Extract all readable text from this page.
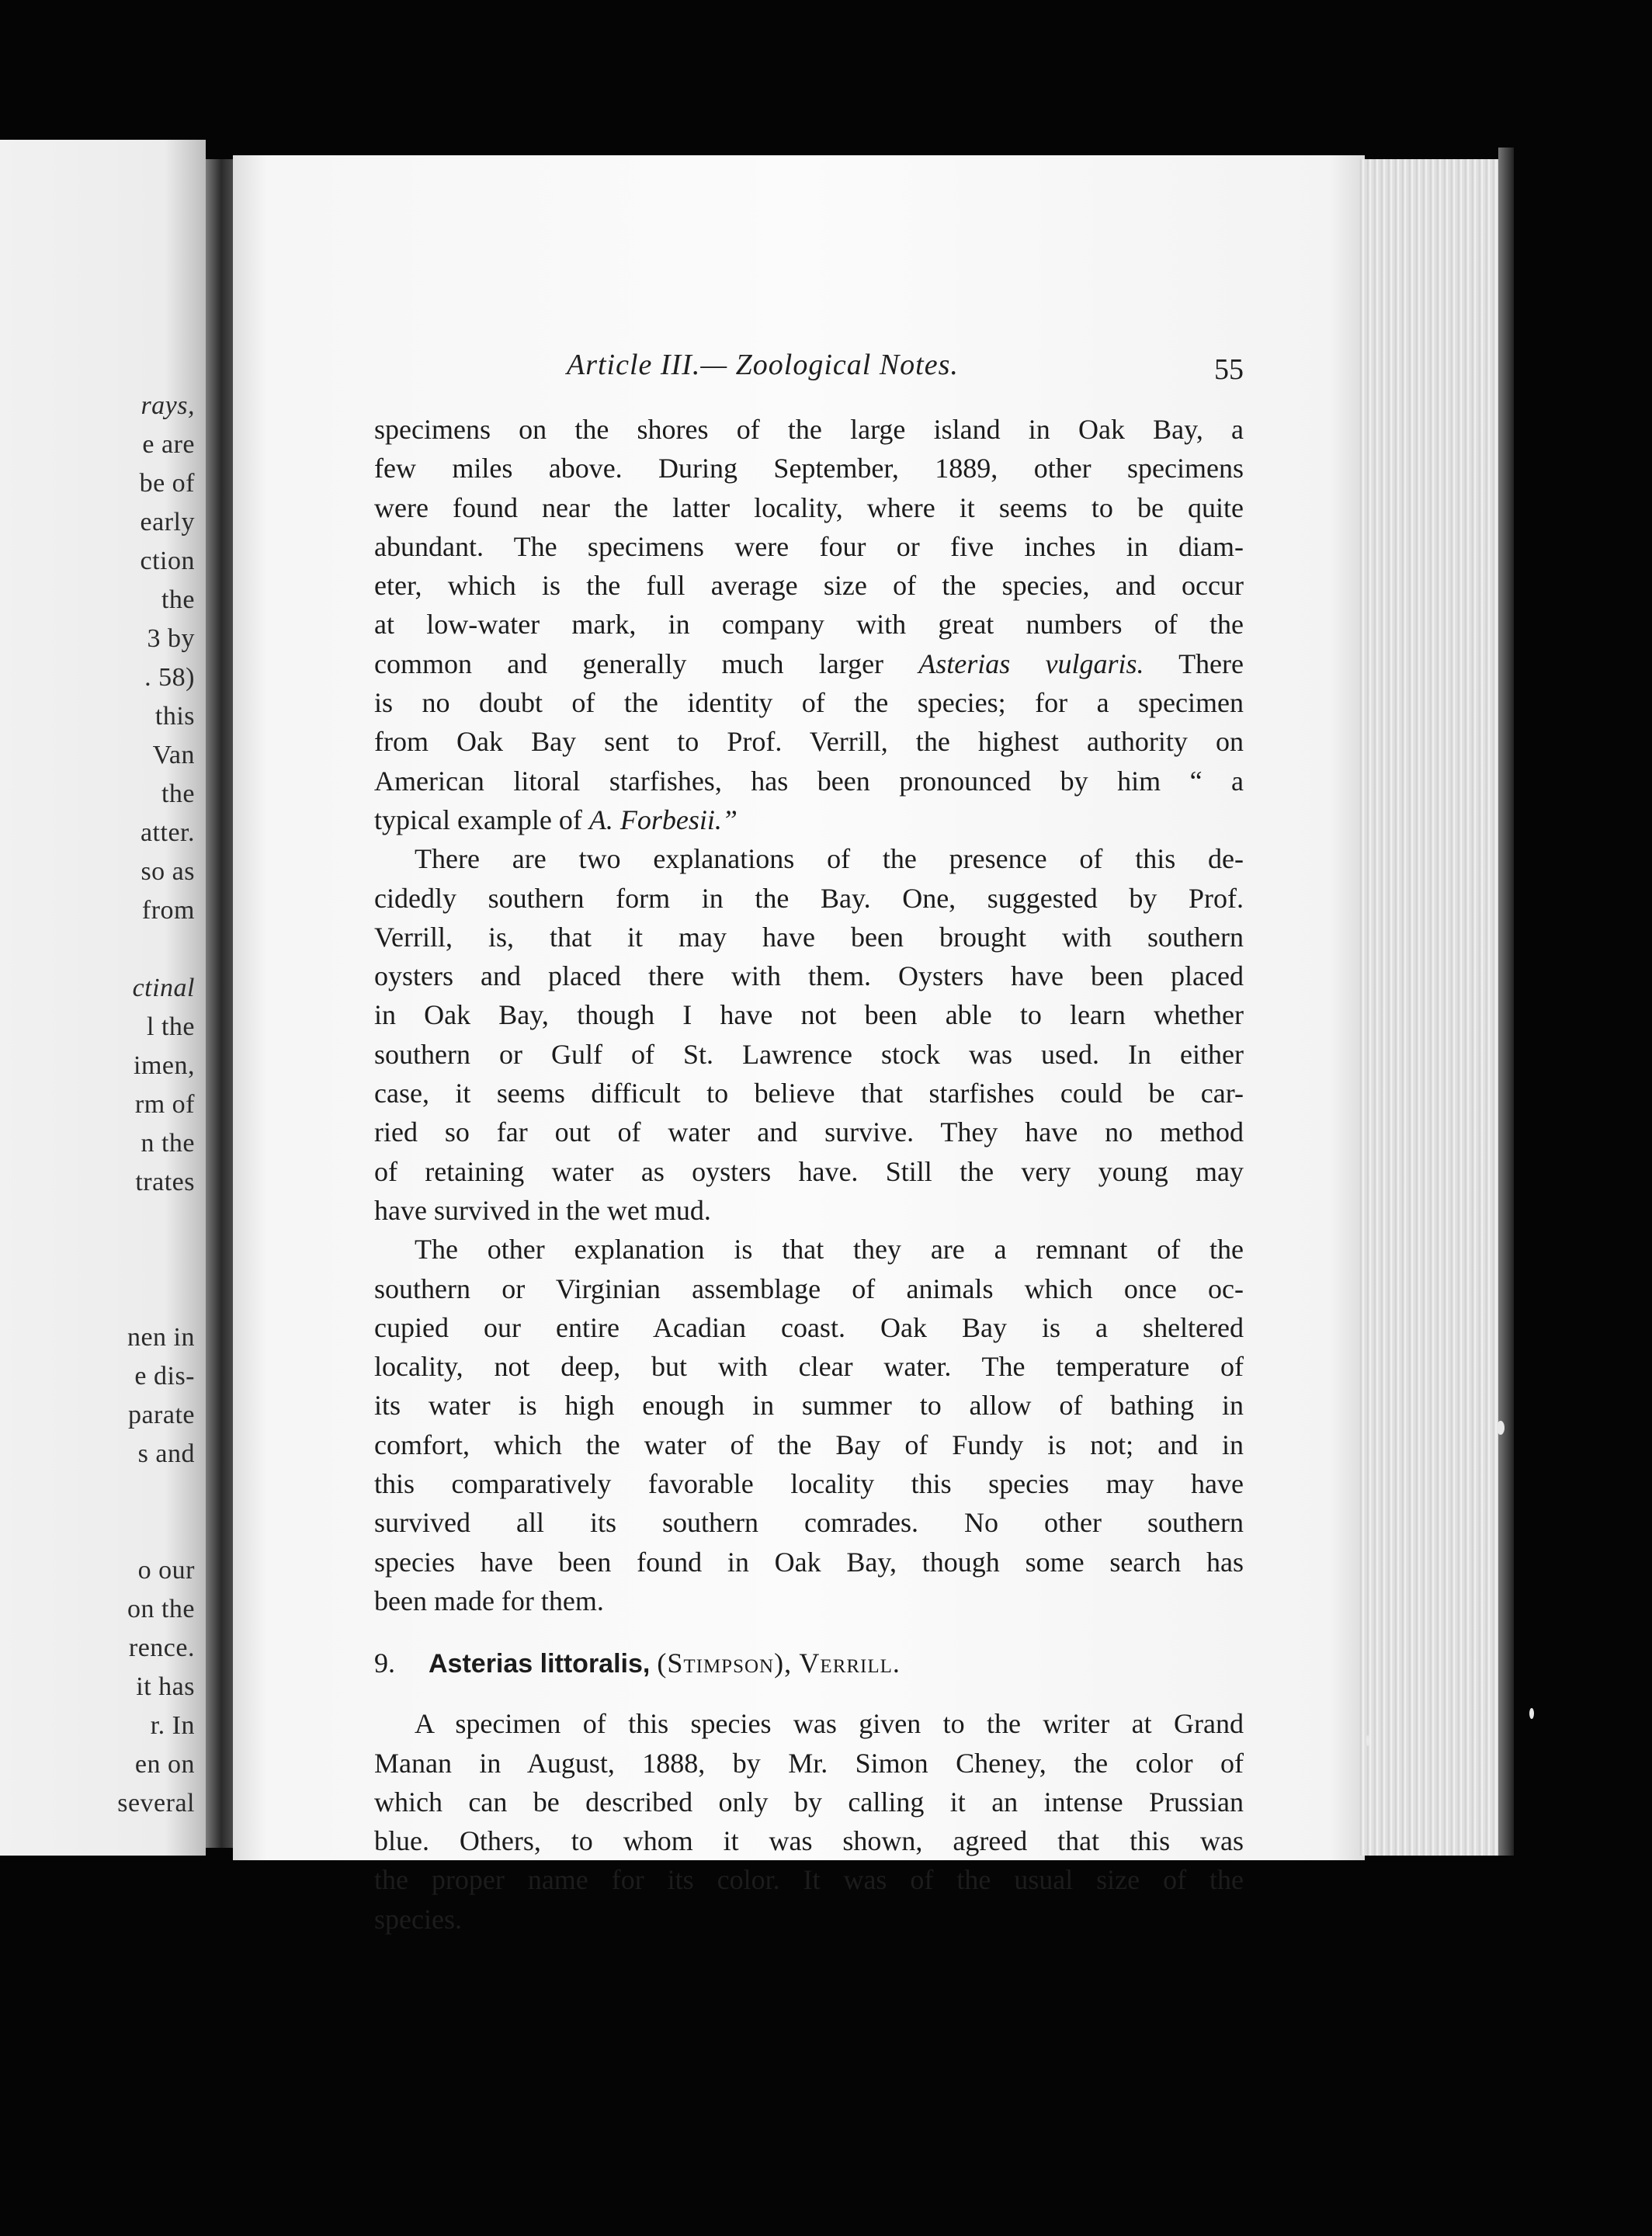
rays,
e are
be of
early
ction
the
3 by
. 58)
this
Van
the
atter.
so as
from
ctinal
l the
imen,
rm of
n the
trates
nen in
e dis-
parate
s and
o our
on the
rence.
it has
r. In
en on
several
Article III.— Zoological Notes.	55
specimens on the shores of the large island in Oak Bay, a
few miles above. During September, 1889, other specimens
were found near the latter locality, where it seems to be quite
abundant. The specimens were four or five inches in diam-
eter, which is the full average size of the species, and occur
at low-water mark, in company with great numbers of the
common and generally much larger Asterias vulgaris. There
is no doubt of the identity of the species; for a specimen
from Oak Bay sent to Prof. Verrill, the highest authority on
American litoral starfishes, has been pronounced by him “ a
typical example of A. Forbesii.”
There are two explanations of the presence of this de-
cidedly southern form in the Bay. One, suggested by Prof.
Verrill, is, that it may have been brought with southern
oysters and placed there with them. Oysters have been placed
in Oak Bay, though I have not been able to learn whether
southern or Gulf of St. Lawrence stock was used. In either
case, it seems difficult to believe that starfishes could be car-
ried so far out of water and survive. They have no method
of retaining water as oysters have. Still the very young may
have survived in the wet mud.
The other explanation is that they are a remnant of the
southern or Virginian assemblage of animals which once oc-
cupied our entire Acadian coast. Oak Bay is a sheltered
locality, not deep, but with clear water. The temperature of
its water is high enough in summer to allow of bathing in
comfort, which the water of the Bay of Fundy is not; and in
this comparatively favorable locality this species may have
survived all its southern comrades. No other southern
species have been found in Oak Bay, though some search has
been made for them.
9. Asterias littoralis, (Stimpson), Verrill.
A specimen of this species was given to the writer at Grand
Manan in August, 1888, by Mr. Simon Cheney, the color of
which can be described only by calling it an intense Prussian
blue. Others, to whom it was shown, agreed that this was
the proper name for its color. It was of the usual size of the
species.
